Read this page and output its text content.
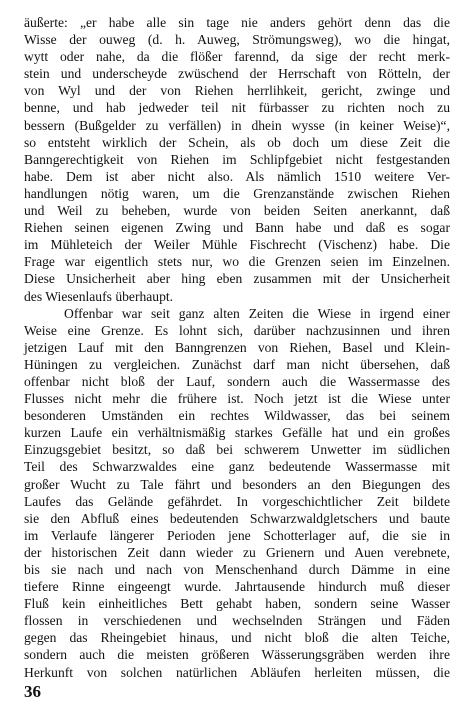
äußerte: „er habe alle sin tage nie anders gehört denn das die
Wisse der ouweg (d. h. Auweg, Strömungsweg), wo die hingat,
wytt oder nahe, da die flößer farennd, da sige der recht merk-
stein und underscheyde zwüschend der Herrschaft von Rötteln, der
von Wyl und der von Riehen herrlihkeit, gericht, zwinge und
benne, und hab jedweder teil nit fürbasser zu richten noch zu
bessern (Bußgelder zu verfällen) in dhein wysse (in keiner Weise)“,
so entsteht wirklich der Schein, als ob doch um diese Zeit die
Banngerechtigkeit von Riehen im Schlipfgebiet nicht festgestanden
habe. Dem ist aber nicht also. Als nämlich 1510 weitere Ver-
handlungen nötig waren, um die Grenzanstände zwischen Riehen
und Weil zu beheben, wurde von beiden Seiten anerkannt, daß
Riehen seinen eigenen Zwing und Bann habe und daß es sogar
im Mühleteich der Weiler Mühle Fischrecht (Vischenz) habe. Die
Frage war eigentlich stets nur, wo die Grenzen seien im Einzelnen.
Diese Unsicherheit aber hing eben zusammen mit der Unsicherheit
des Wiesenlaufs überhaupt.
Offenbar war seit ganz alten Zeiten die Wiese in irgend einer
Weise eine Grenze. Es lohnt sich, darüber nachzusinnen und ihren
jetzigen Lauf mit den Banngrenzen von Riehen, Basel und Klein-
Hüningen zu vergleichen. Zunächst darf man nicht übersehen, daß
offenbar nicht bloß der Lauf, sondern auch die Wassermasse des
Flusses nicht mehr die frühere ist. Noch jetzt ist die Wiese unter
besonderen Umständen ein rechtes Wildwasser, das bei seinem
kurzen Laufe ein verhältnismäßig starkes Gefälle hat und ein großes
Einzugsgebiet besitzt, so daß bei schwerem Unwetter im südlichen
Teil des Schwarzwaldes eine ganz bedeutende Wassermasse mit
großer Wucht zu Tale fährt und besonders an den Biegungen des
Laufes das Gelände gefährdet. In vorgeschichtlicher Zeit bildete
sie den Abfluß eines bedeutenden Schwarzwaldgletschers und baute
im Verlaufe längerer Perioden jene Schotterlager auf, die sie in
der historischen Zeit dann wieder zu Grienern und Auen verebnete,
bis sie nach und nach von Menschenhand durch Dämme in eine
tiefere Rinne eingeengt wurde. Jahrtausende hindurch muß dieser
Fluß kein einheitliches Bett gehabt haben, sondern seine Wasser
flossen in verschiedenen und wechselnden Strängen und Fäden
gegen das Rheingebiet hinaus, und nicht bloß die alten Teiche,
sondern auch die meisten größeren Wässerungsgräben werden ihre
Herkunft von solchen natürlichen Abläufen herleiten müssen, die
36
